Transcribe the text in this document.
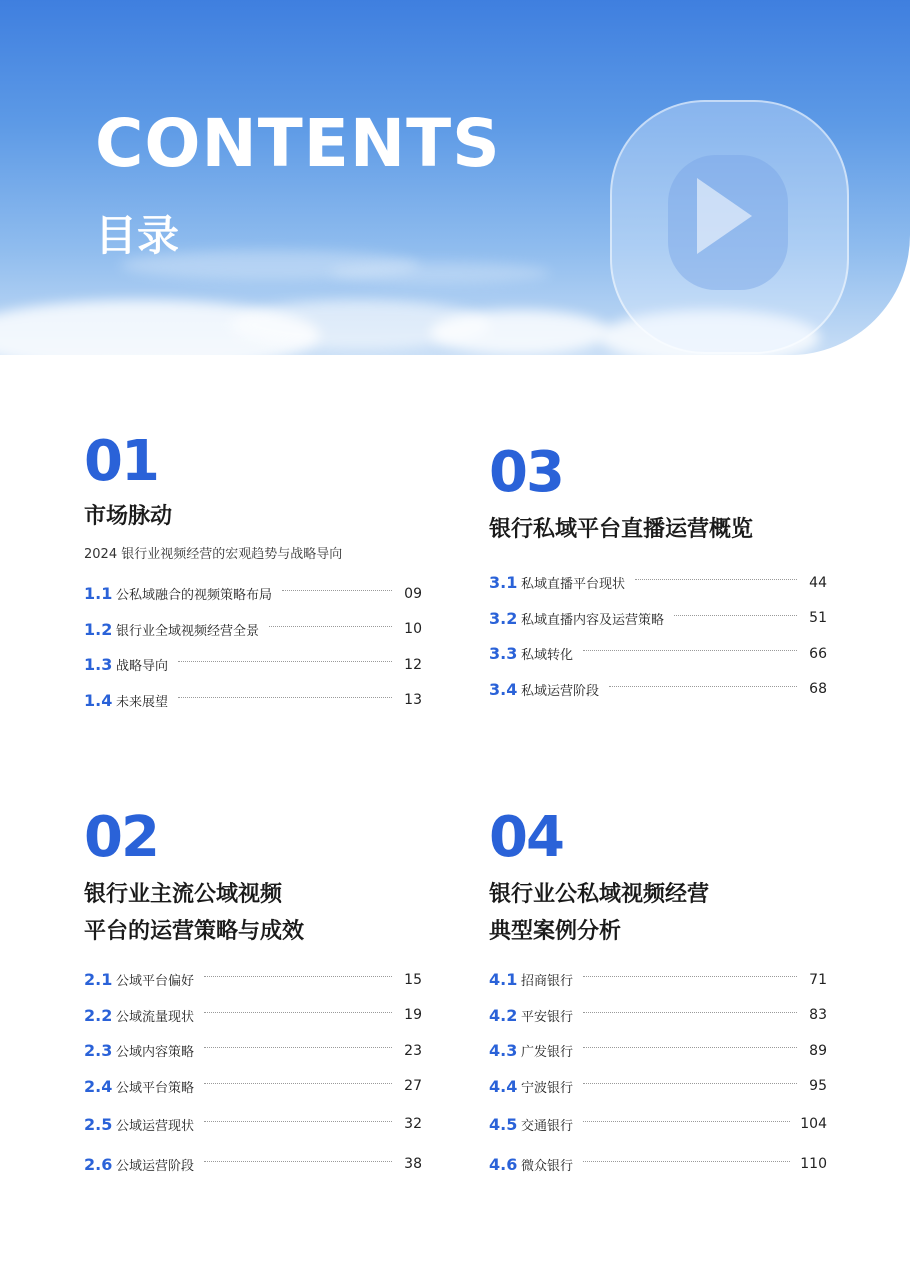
CONTENTS
目录
01
市场脉动

2024 银行业视频经营的宏观趋势与战略导向

1.1 公私域融合的视频策略布局	09
1.2 银行业全域视频经营全景	10
1.3 战略导向	12
1.4 未来展望	13
03
银行私域平台直播运营概览
3.1 私域直播平台现状	44
3.2 私域直播内容及运营策略	51
3.3 私域转化	66
3.4 私域运营阶段	68
02
银行业主流公域视频
平台的运营策略与成效
2.1 公域平台偏好	15
2.2 公域流量现状	19
2.3 公域内容策略	23
2.4 公域平台策略	27
2.5 公域运营现状	32
2.6 公域运营阶段	38
04
银行业公私域视频经营
典型案例分析
4.1 招商银行	71
4.2 平安银行	83
4.3 广发银行	89
4.4 宁波银行	95
4.5 交通银行	104
4.6 微众银行	110
